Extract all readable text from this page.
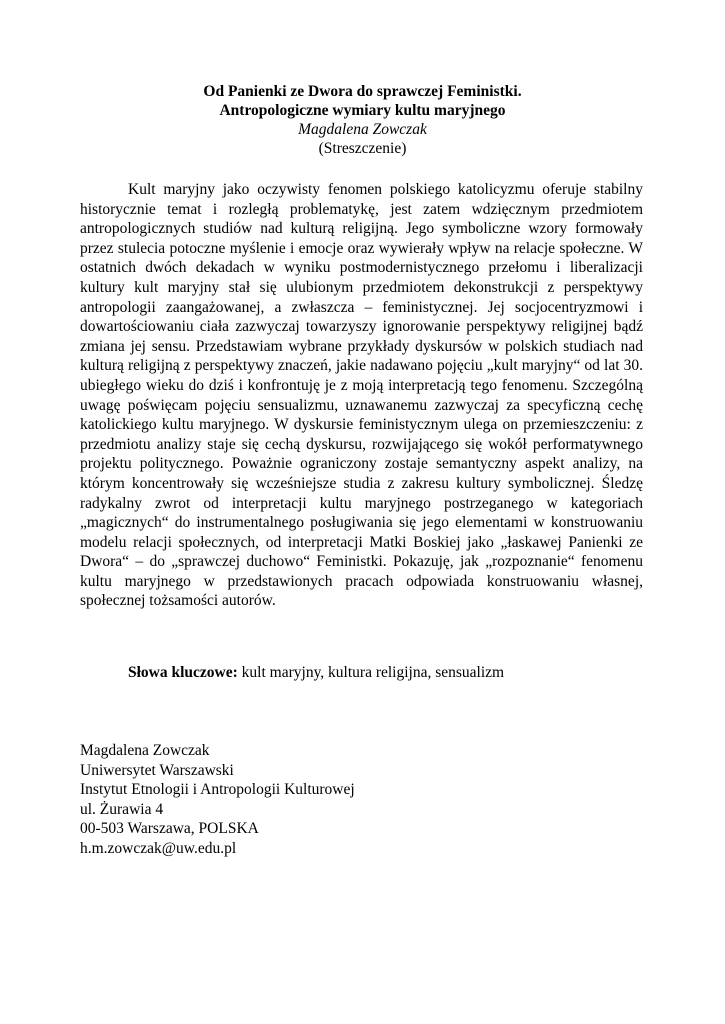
Od Panienki ze Dwora do sprawczej Feministki.
Antropologiczne wymiary kultu maryjnego
Magdalena Zowczak
(Streszczenie)

Kult maryjny jako oczywisty fenomen polskiego katolicyzmu oferuje stabilny historycznie temat i rozległą problematykę, jest zatem wdzięcznym przedmiotem antropologicznych studiów nad kulturą religijną. Jego symboliczne wzory formowały przez stulecia potoczne myślenie i emocje oraz wywierały wpływ na relacje społeczne. W ostatnich dwóch dekadach w wyniku postmodernistycznego przełomu i liberalizacji kultury kult maryjny stał się ulubionym przedmiotem dekonstrukcji z perspektywy antropologii zaangażowanej, a zwłaszcza – feministycznej. Jej socjocentryzmowi i dowartościowaniu ciała zazwyczaj towarzyszy ignorowanie perspektywy religijnej bądź zmiana jej sensu. Przedstawiam wybrane przykłady dyskursów w polskich studiach nad kulturą religijną z perspektywy znaczeń, jakie nadawano pojęciu „kult maryjny“ od lat 30. ubiegłego wieku do dziś i konfrontuję je z moją interpretacją tego fenomenu. Szczególną uwagę poświęcam pojęciu sensualizmu, uznawanemu zazwyczaj za specyficzną cechę katolickiego kultu maryjnego. W dyskursie feministycznym ulega on przemieszczeniu: z przedmiotu analizy staje się cechą dyskursu, rozwijającego się wokół performatywnego projektu politycznego. Poważnie ograniczony zostaje semantyczny aspekt analizy, na którym koncentrowały się wcześniejsze studia z zakresu kultury symbolicznej. Śledzę radykalny zwrot od interpretacji kultu maryjnego postrzeganego w kategoriach „magicznych“ do instrumentalnego posługiwania się jego elementami w konstruowaniu modelu relacji społecznych, od interpretacji Matki Boskiej jako „łaskawej Panienki ze Dwora“ – do „sprawczej duchowo“ Feministki. Pokazuję, jak „rozpoznanie“ fenomenu kultu maryjnego w przedstawionych pracach odpowiada konstruowaniu własnej, społecznej tożsamości autorów.

Słowa kluczowe: kult maryjny, kultura religijna, sensualizm

Magdalena Zowczak
Uniwersytet Warszawski
Instytut Etnologii i Antropologii Kulturowej
ul. Żurawia 4
00-503 Warszawa, POLSKA
h.m.zowczak@uw.edu.pl
